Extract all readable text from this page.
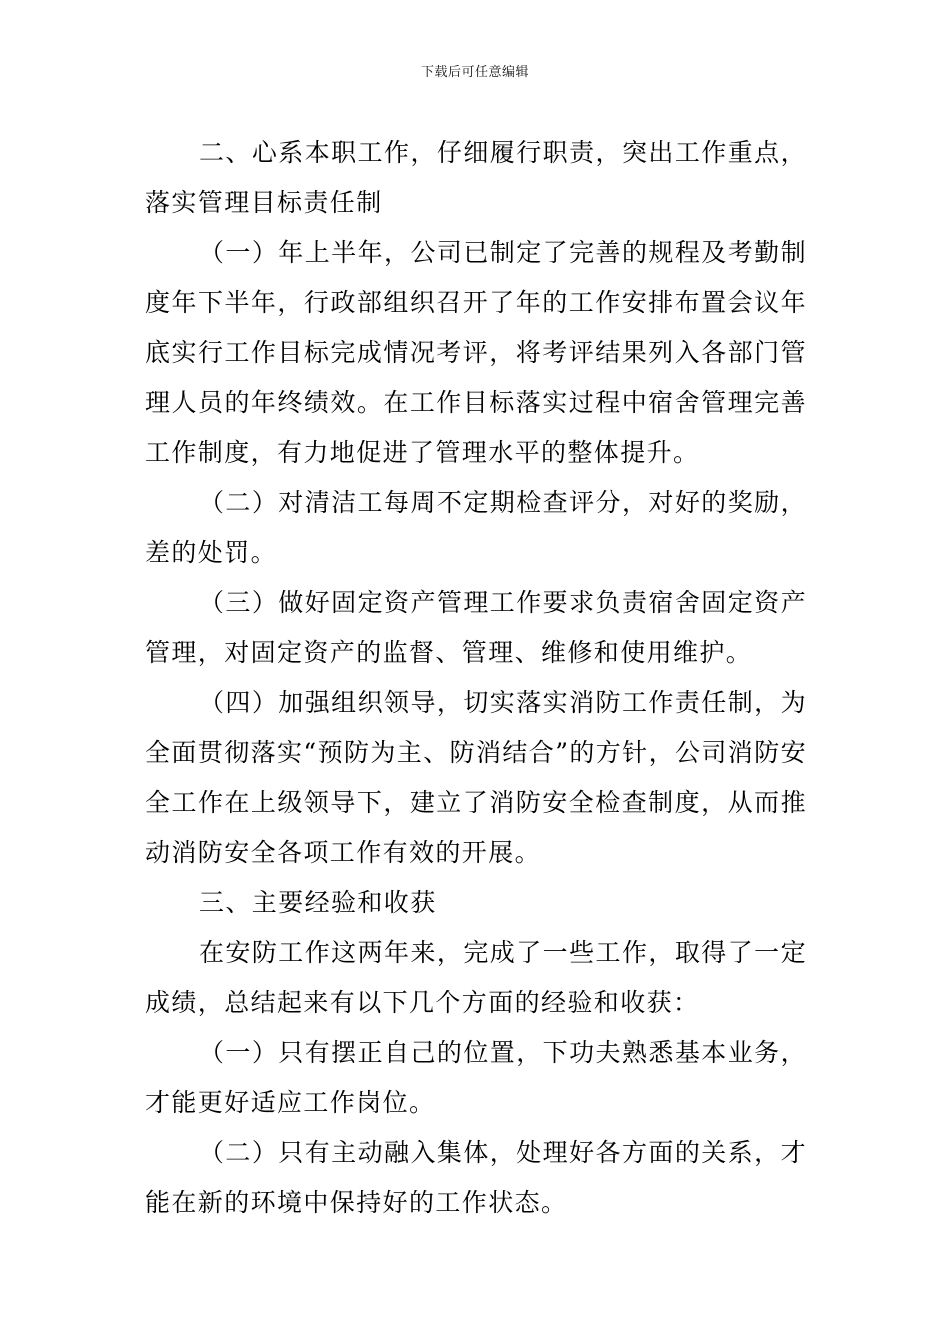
下载后可任意编辑

二、心系本职工作，仔细履行职责，突出工作重点，落实管理目标责任制

（一）年上半年，公司已制定了完善的规程及考勤制度年下半年，行政部组织召开了年的工作安排布置会议年底实行工作目标完成情况考评，将考评结果列入各部门管理人员的年终绩效。在工作目标落实过程中宿舍管理完善工作制度，有力地促进了管理水平的整体提升。

（二）对清洁工每周不定期检查评分，对好的奖励，差的处罚。

（三）做好固定资产管理工作要求负责宿舍固定资产管理，对固定资产的监督、管理、维修和使用维护。

（四）加强组织领导，切实落实消防工作责任制，为全面贯彻落实“预防为主、防消结合”的方针，公司消防安全工作在上级领导下，建立了消防安全检查制度，从而推动消防安全各项工作有效的开展。

三、主要经验和收获

在安防工作这两年来，完成了一些工作，取得了一定成绩，总结起来有以下几个方面的经验和收获：

（一）只有摆正自己的位置，下功夫熟悉基本业务，才能更好适应工作岗位。

（二）只有主动融入集体，处理好各方面的关系，才能在新的环境中保持好的工作状态。
